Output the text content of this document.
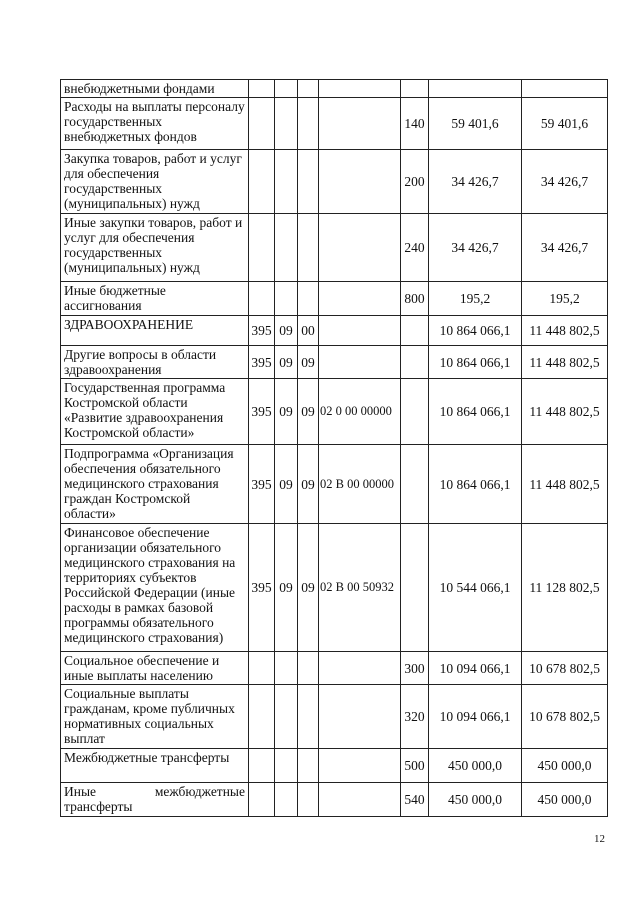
внебюджетными фондами							
Расходы на выплаты персоналу государственных внебюджетных фондов					140	59 401,6	59 401,6
Закупка товаров, работ и услуг для обеспечения государственных (муниципальных) нужд					200	34 426,7	34 426,7
Иные закупки товаров, работ и услуг для обеспечения государственных (муниципальных) нужд					240	34 426,7	34 426,7
Иные бюджетные ассигнования					800	195,2	195,2
ЗДРАВООХРАНЕНИЕ	395	09	00			10 864 066,1	11 448 802,5
Другие вопросы в области здравоохранения	395	09	09			10 864 066,1	11 448 802,5
Государственная программа Костромской области «Развитие здравоохранения Костромской области»	395	09	09	02 0 00 00000		10 864 066,1	11 448 802,5
Подпрограмма «Организация обеспечения обязательного медицинского страхования граждан Костромской области»	395	09	09	02 В 00 00000		10 864 066,1	11 448 802,5
Финансовое обеспечение организации обязательного медицинского страхования на территориях субъектов Российской Федерации (иные расходы в рамках базовой программы обязательного медицинского страхования)	395	09	09	02 В 00 50932		10 544 066,1	11 128 802,5
Социальное обеспечение и иные выплаты населению					300	10 094 066,1	10 678 802,5
Социальные выплаты гражданам, кроме публичных нормативных социальных выплат					320	10 094 066,1	10 678 802,5
Межбюджетные трансферты					500	450 000,0	450 000,0
Иные межбюджетные трансферты					540	450 000,0	450 000,0
12
